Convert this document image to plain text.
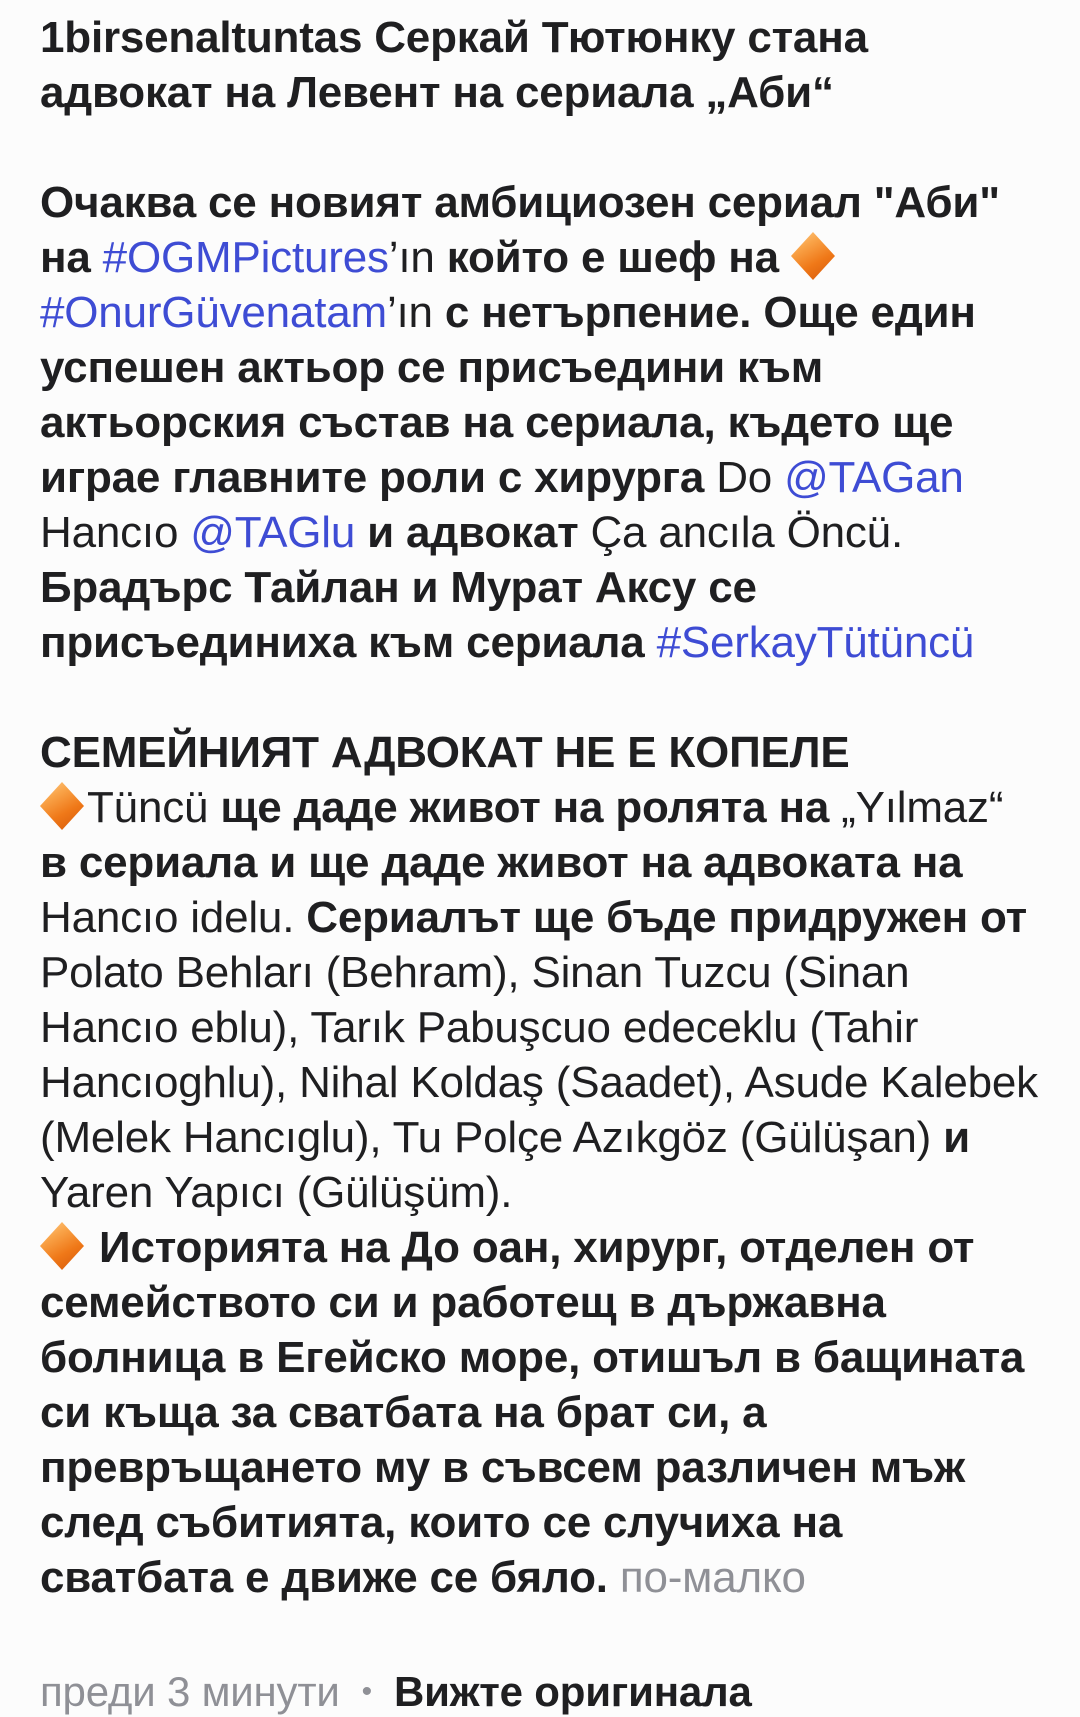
1birsenaltuntas Серкай Тютюнку стана адвокат на Левент на сериала „Аби“

Очаква се новият амбициозен сериал "Аби" на #OGMPictures’ın който е шеф на #OnurGüvenatam’ın с нетърпение. Още един успешен актьор се присъедини към актьорския състав на сериала, където ще играе главните роли с хирурга Do @TAGan Hancıo @TAGlu и адвокат Ça ancıla Öncü. Брадърс Тайлан и Мурат Аксу се присъединиха към сериала #SerkayTütüncü

СЕМЕЙНИЯТ АДВОКАТ НЕ Е КОПЕЛЕ

Tüncü ще даде живот на ролята на „Yılmaz“ в сериала и ще даде живот на адвоката на Hancıo idelu. Сериалът ще бъде придружен от Polato Behları (Behram), Sinan Tuzcu (Sinan Hancıo eblu), Tarık Pabuşcuo edeceklu (Tahir Hancıoghlu), Nihal Koldaş (Saadet), Asude Kalebek (Melek Hancıglu), Tu Polçe Azıkgöz (Gülüşan) и Yaren Yapıcı (Gülüşüm).

Историята на До оан, хирург, отделен от семейството си и работещ в държавна болница в Егейско море, отишъл в бащината си къща за сватбата на брат си, а превръщането му в съвсем различен мъж след събитията, които се случиха на сватбата е движе се бяло. по-малко

преди 3 минути • Вижте оригинала
